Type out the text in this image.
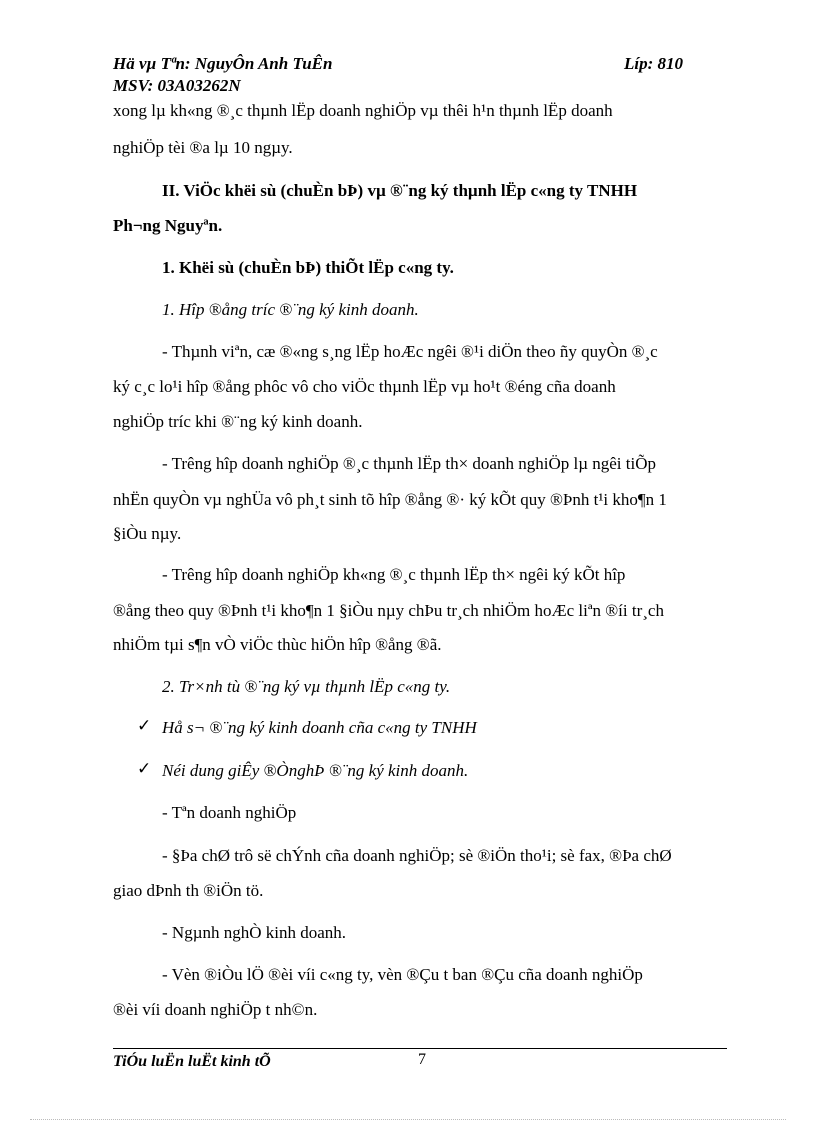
Hä vµ Tªn: NguyÔn Anh TuÊn	Líp: 810
MSV: 03A03262N
xong lµ kh«ng ®¸c thµnh lËp doanh nghiÖp vµ thêi h¹n thµnh lËp doanh
nghiÖp tèi ®a lµ 10 ngµy.
II. ViÖc khëi sù (chuÈn bÞ) vµ ®¨ng ký thµnh lËp c«ng ty TNHH
Ph¬ng Nguyªn.
1. Khëi sù (chuÈn bÞ) thiÕt lËp c«ng ty.
1. Hîp ®ång tríc ®¨ng ký kinh doanh.
- Thµnh viªn, cæ ®«ng s¸ng lËp hoÆc ngêi ®¹i diÖn theo ñy quyÒn ®¸c
ký c¸c lo¹i hîp ®ång phôc vô cho viÖc thµnh lËp vµ ho¹t ®éng cña doanh
nghiÖp tríc khi ®¨ng ký kinh doanh.
- Trêng hîp doanh nghiÖp ®¸c thµnh lËp th× doanh nghiÖp lµ ngêi tiÕp
nhËn quyÒn vµ nghÜa vô ph¸t sinh tõ hîp ®ång ®· ký kÕt quy ®Þnh t¹i kho¶n 1
§iÒu nµy.
- Trêng hîp doanh nghiÖp kh«ng ®¸c thµnh lËp th× ngêi ký kÕt hîp
®ång theo quy ®Þnh t¹i kho¶n 1 §iÒu nµy chÞu tr¸ch nhiÖm hoÆc liªn ®íi tr¸ch
nhiÖm tµi s¶n vÒ viÖc thùc hiÖn hîp ®ång ®ã.
2. Tr×nh tù ®¨ng ký vµ thµnh lËp c«ng ty.
✓ Hå s¬ ®¨ng ký kinh doanh cña c«ng ty TNHH
✓ Néi dung giÊy ®ÒnghÞ ®¨ng ký kinh doanh.
- Tªn doanh nghiÖp
- §Þa chØ trô së chÝnh cña doanh nghiÖp; sè ®iÖn tho¹i; sè fax, ®Þa chØ
giao dÞnh th ®iÖn tö.
- Ngµnh nghÒ kinh doanh.
- Vèn ®iÒu lÖ ®èi víi c«ng ty, vèn ®Çu t ban ®Çu cña doanh nghiÖp
®èi víi doanh nghiÖp t nh©n.
TiÓu luËn luËt kinh tÕ	7
